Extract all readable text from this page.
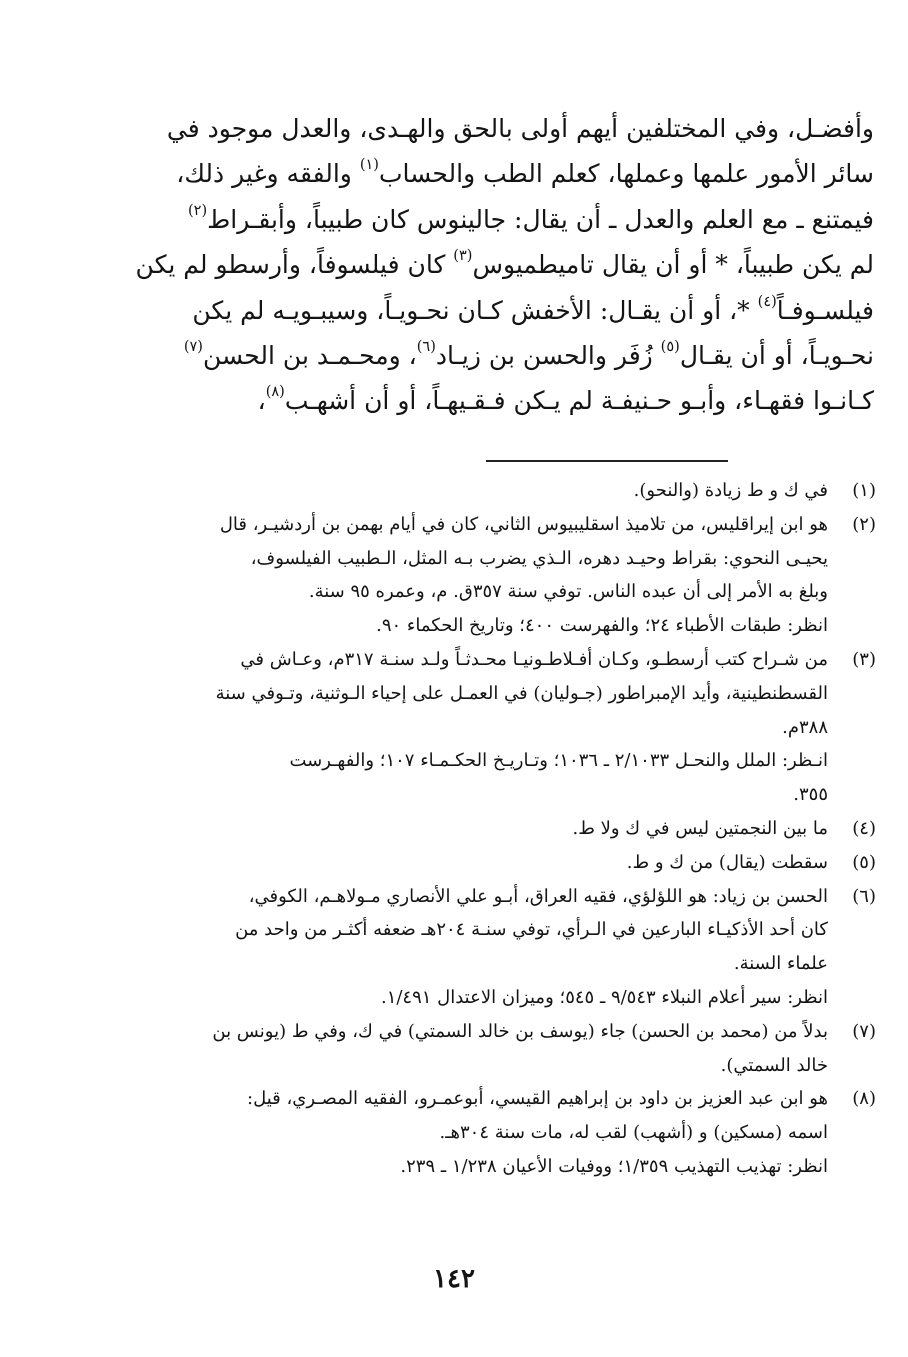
وأفضـل، وفي المختلفين أيهم أولى بالحق والهـدى، والعدل موجود في
سائر الأمور علمها وعملها، كعلم الطب والحساب$^{(١)}$ والفقه وغير ذلك،
فيمتنع ـ مع العلم والعدل ـ أن يقال: جالينوس كان طبيباً، وأبقـراط$^{(٢)}$
لم يكن طبيباً، * أو أن يقال تاميطميوس$^{(٣)}$ كان فيلسوفاً، وأرسطو لم يكن
فيلسـوفـاً$^{(٤)}$ *، أو أن يقـال: الأخفش كـان نحـويـاً، وسيبـويـه لم يكن
نحـويـاً، أو أن يقـال$^{(٥)}$ زُفَر والحسن بن زيـاد$^{(٦)}$، ومحـمـد بن الحسن$^{(٧)}$
كـانـوا فقهـاء، وأبـو حـنيفـة لم يـكن فـقـيهـاً، أو أن أشهـب$^{(٨)}$،
(١)
في ك و ط زيادة (والنحو).
(٢)
هو ابن إيراقليس، من تلاميذ اسقليبيوس الثاني، كان في أيام بهمن بن أردشيـر، قال
يحيـى النحوي: بقراط وحيـد دهره، الـذي يضرب بـه المثل، الـطبيب الفيلسوف،
وبلغ به الأمر إلى أن عبده الناس. توفي سنة ٣٥٧ق. م، وعمره ٩٥ سنة.
انظر: طبقات الأطباء ٢٤؛ والفهرست ٤٠٠؛ وتاريخ الحكماء ٩٠.
(٣)
من شـراح كتب أرسطـو، وكـان أفـلاطـونيـا محـدثـاً ولـد سنـة ٣١٧م، وعـاش في
القسطنطينية، وأيد الإمبراطور (جـوليان) في العمـل على إحياء الـوثنية، وتـوفي سنة
٣٨٨م.
انـظر: الملل والنحـل ٢/١٠٣٣ ـ ١٠٣٦؛ وتـاريـخ الحكـمـاء ١٠٧؛ والفهـرست
٣٥٥.
(٤)
ما بين النجمتين ليس في ك ولا ط.
(٥)
سقطت (يقال) من ك و ط.
(٦)
الحسن بن زياد: هو اللؤلؤي، فقيه العراق، أبـو علي الأنصاري مـولاهـم، الكوفي،
كان أحد الأذكيـاء البارعين في الـرأي، توفي سنـة ٢٠٤هـ ضعفه أكثـر من واحد من
علماء السنة.
انظر: سير أعلام النبلاء ٩/٥٤٣ ـ ٥٤٥؛ وميزان الاعتدال ١/٤٩١.
(٧)
بدلاً من (محمد بن الحسن) جاء (يوسف بن خالد السمتي) في ك، وفي ط (يونس بن
خالد السمتي).
(٨)
هو ابن عبد العزيز بن داود بن إبراهيم القيسي، أبوعمـرو، الفقيه المصـري، قيل:
اسمه (مسكين) و (أشهب) لقب له، مات سنة ٣٠٤هـ.
انظر: تهذيب التهذيب ١/٣٥٩؛ ووفيات الأعيان ١/٢٣٨ ـ ٢٣٩.
١٤٢
